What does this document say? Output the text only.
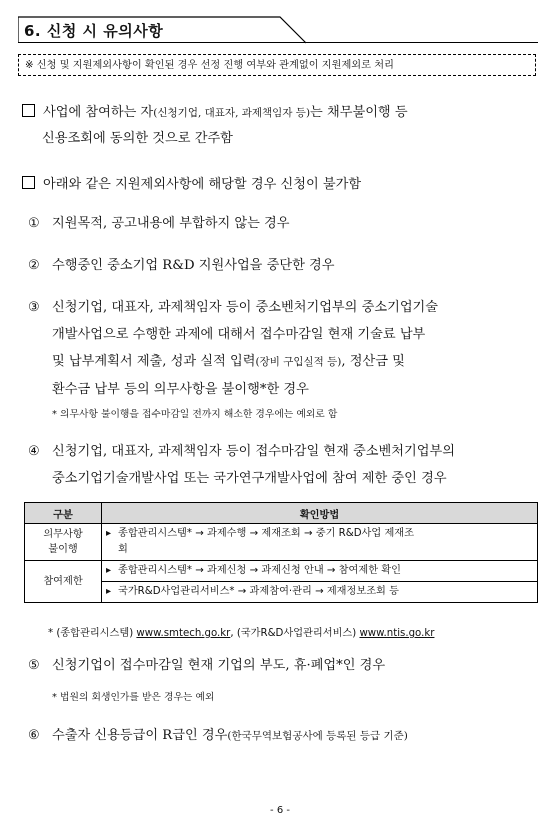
6. 신청 시 유의사항
※ 신청 및 지원제외사항이 확인된 경우 선정 진행 여부와 관계없이 지원제외로 처리
사업에 참여하는 자(신청기업, 대표자, 과제책임자 등)는 채무불이행 등
신용조회에 동의한 것으로 간주함
아래와 같은 지원제외사항에 해당할 경우 신청이 불가함
① 지원목적, 공고내용에 부합하지 않는 경우
② 수행중인 중소기업 R&D 지원사업을 중단한 경우
③ 신청기업, 대표자, 과제책임자 등이 중소벤처기업부의 중소기업기술
개발사업으로 수행한 과제에 대해서 접수마감일 현재 기술료 납부
및 납부계획서 제출, 성과 실적 입력(장비 구입실적 등), 정산금 및
환수금 납부 등의 의무사항을 불이행*한 경우
* 의무사항 불이행을 접수마감일 전까지 해소한 경우에는 예외로 함
④ 신청기업, 대표자, 과제책임자 등이 접수마감일 현재 중소벤처기업부의
중소기업기술개발사업 또는 국가연구개발사업에 참여 제한 중인 경우
구분	확인방법
의무사항
불이행	▸ 종합관리시스템* → 과제수행 → 제재조회 → 중기 R&D사업 제재조
회
참여제한	▸ 종합관리시스템* → 과제신청 → 과제신청 안내 → 참여제한 확인
	▸ 국가R&D사업관리서비스* → 과제참여·관리 → 제재정보조회 등
* (종합관리시스템) www.smtech.go.kr, (국가R&D사업관리서비스) www.ntis.go.kr
⑤ 신청기업이 접수마감일 현재 기업의 부도, 휴·폐업*인 경우
* 법원의 회생인가를 받은 경우는 예외
⑥ 수출자 신용등급이 R급인 경우(한국무역보험공사에 등록된 등급 기준)
- 6 -
